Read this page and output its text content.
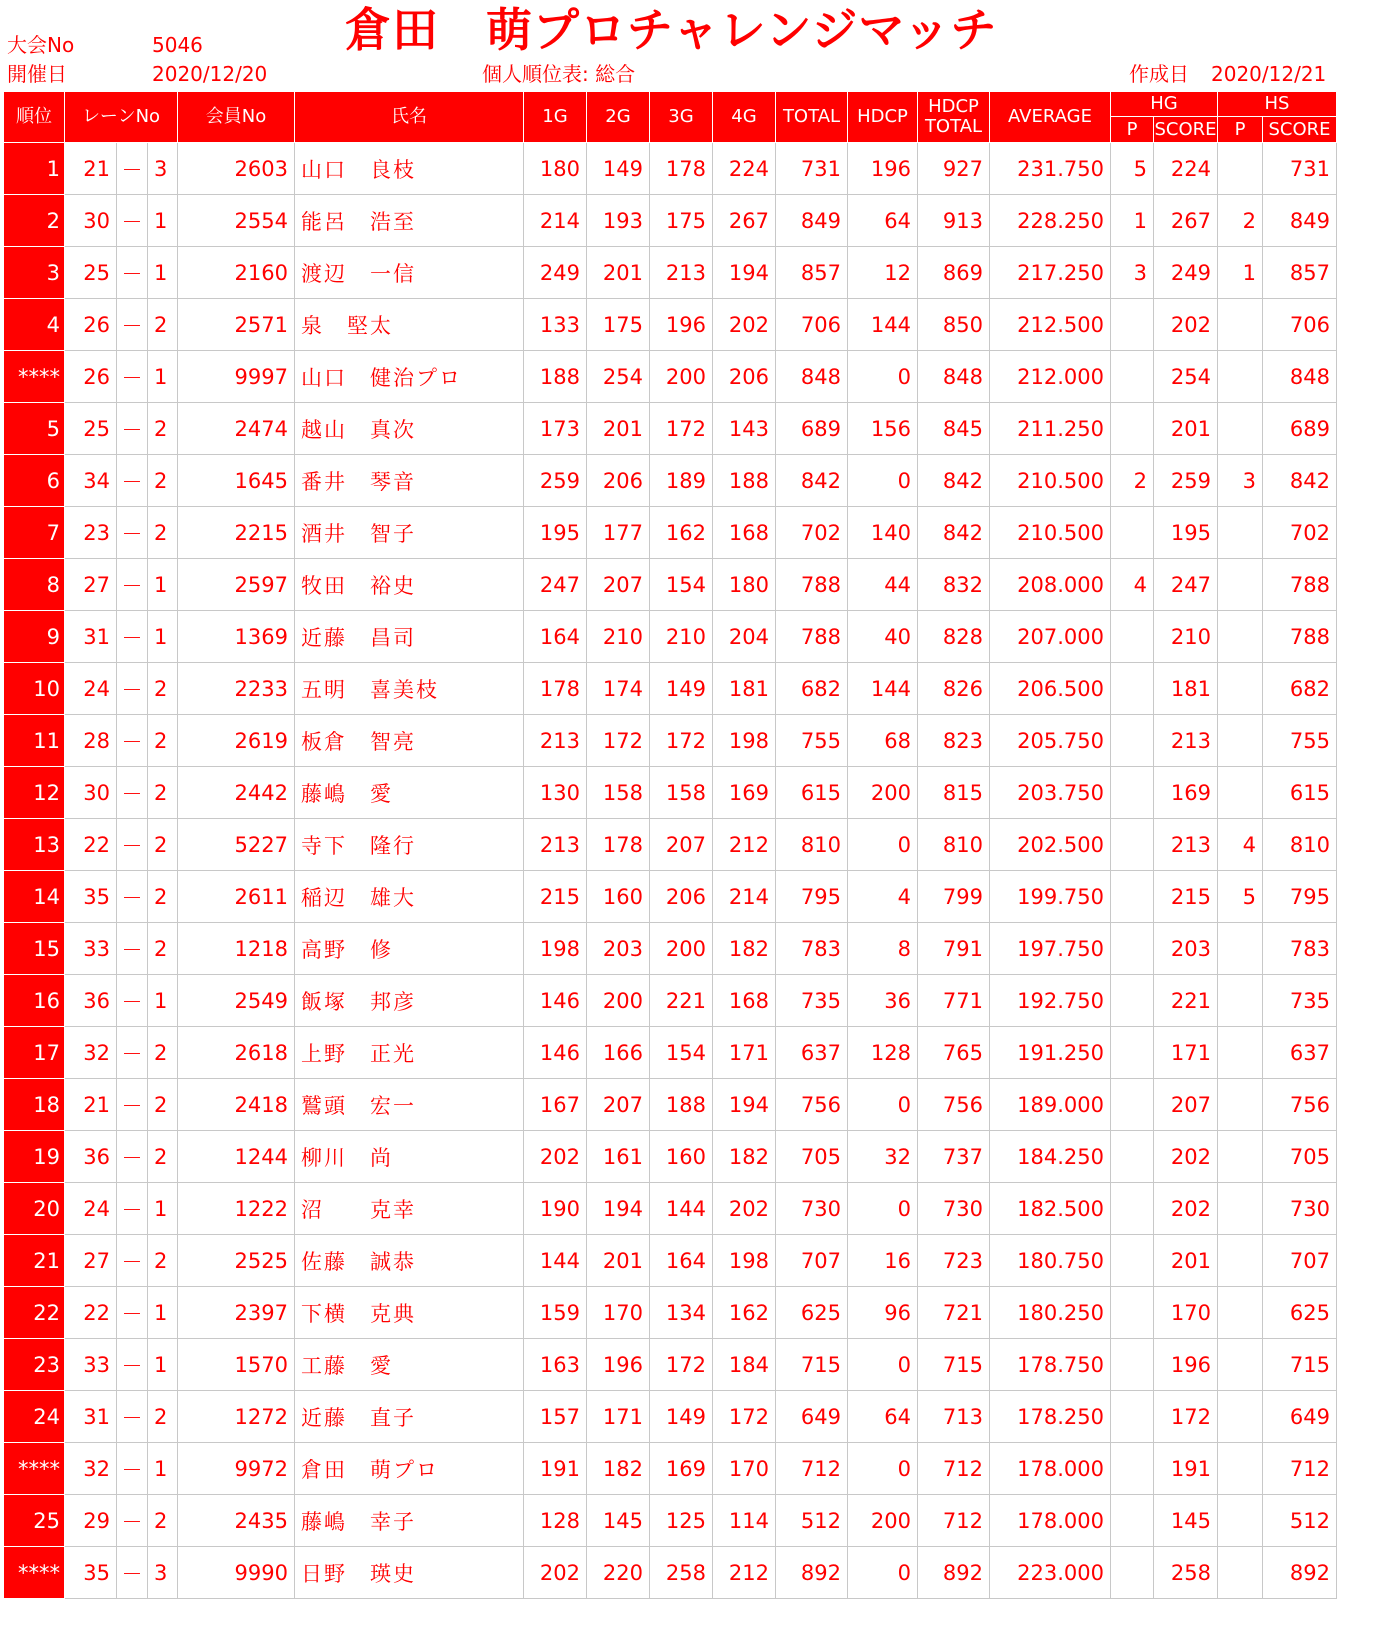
大会No	5046
開催日	2020/12/20
倉田　萌プロチャレンジマッチ
個人順位表: 総合	作成日 2020/12/21
順位	レーンNo			会員No	氏名	1G	2G	3G	4G	TOTAL	HDCP	HDCP
TOTAL	AVERAGE	HG		HS	
														P	SCORE	P	SCORE
1	21	－	3	2603	山口　良枝	180	149	178	224	731	196	927	231.750	5	224		731
2	30	－	1	2554	能呂　浩至	214	193	175	267	849	64	913	228.250	1	267	2	849
3	25	－	1	2160	渡辺　一信	249	201	213	194	857	12	869	217.250	3	249	1	857
4	26	－	2	2571	泉　堅太	133	175	196	202	706	144	850	212.500		202		706
****	26	－	1	9997	山口　健治プロ	188	254	200	206	848	0	848	212.000		254		848
5	25	－	2	2474	越山　真次	173	201	172	143	689	156	845	211.250		201		689
6	34	－	2	1645	番井　琴音	259	206	189	188	842	0	842	210.500	2	259	3	842
7	23	－	2	2215	酒井　智子	195	177	162	168	702	140	842	210.500		195		702
8	27	－	1	2597	牧田　裕史	247	207	154	180	788	44	832	208.000	4	247		788
9	31	－	1	1369	近藤　昌司	164	210	210	204	788	40	828	207.000		210		788
10	24	－	2	2233	五明　喜美枝	178	174	149	181	682	144	826	206.500		181		682
11	28	－	2	2619	板倉　智亮	213	172	172	198	755	68	823	205.750		213		755
12	30	－	2	2442	藤嶋　愛	130	158	158	169	615	200	815	203.750		169		615
13	22	－	2	5227	寺下　隆行	213	178	207	212	810	0	810	202.500		213	4	810
14	35	－	2	2611	稲辺　雄大	215	160	206	214	795	4	799	199.750		215	5	795
15	33	－	2	1218	高野　修	198	203	200	182	783	8	791	197.750		203		783
16	36	－	1	2549	飯塚　邦彦	146	200	221	168	735	36	771	192.750		221		735
17	32	－	2	2618	上野　正光	146	166	154	171	637	128	765	191.250		171		637
18	21	－	2	2418	鷲頭　宏一	167	207	188	194	756	0	756	189.000		207		756
19	36	－	2	1244	柳川　尚	202	161	160	182	705	32	737	184.250		202		705
20	24	－	1	1222	沼　　克幸	190	194	144	202	730	0	730	182.500		202		730
21	27	－	2	2525	佐藤　誠恭	144	201	164	198	707	16	723	180.750		201		707
22	22	－	1	2397	下横　克典	159	170	134	162	625	96	721	180.250		170		625
23	33	－	1	1570	工藤　愛	163	196	172	184	715	0	715	178.750		196		715
24	31	－	2	1272	近藤　直子	157	171	149	172	649	64	713	178.250		172		649
****	32	－	1	9972	倉田　萌プロ	191	182	169	170	712	0	712	178.000		191		712
25	29	－	2	2435	藤嶋　幸子	128	145	125	114	512	200	712	178.000		145		512
****	35	－	3	9990	日野　瑛史	202	220	258	212	892	0	892	223.000		258		892
